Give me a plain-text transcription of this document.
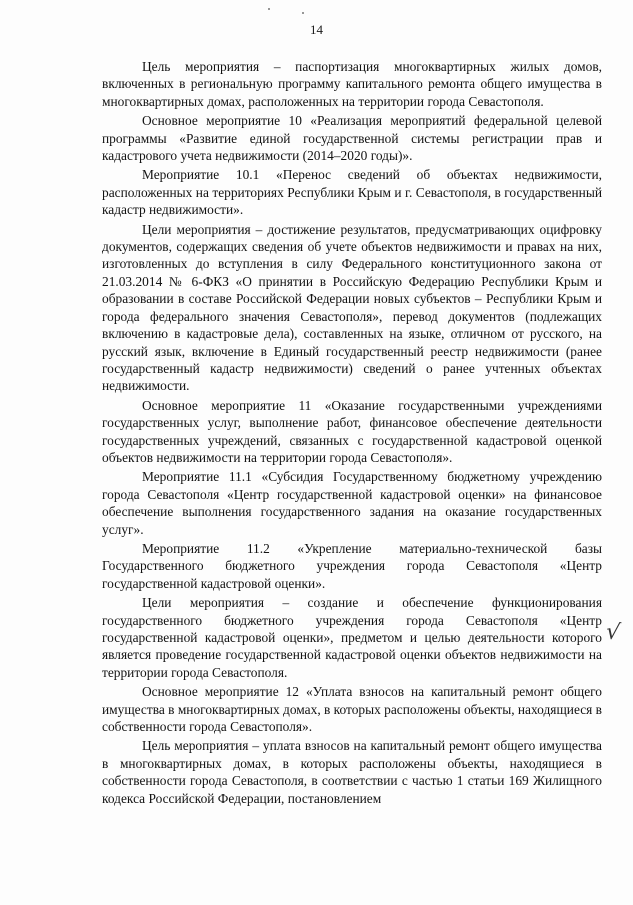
14

Цель мероприятия – паспортизация многоквартирных жилых домов, включенных в региональную программу капитального ремонта общего имущества в многоквартирных домах, расположенных на территории города Севастополя.

Основное мероприятие 10 «Реализация мероприятий федеральной целевой программы «Развитие единой государственной системы регистрации прав и кадастрового учета недвижимости (2014–2020 годы)».

Мероприятие 10.1 «Перенос сведений об объектах недвижимости, расположенных на территориях Республики Крым и г. Севастополя, в государственный кадастр недвижимости».

Цели мероприятия – достижение результатов, предусматривающих оцифровку документов, содержащих сведения об учете объектов недвижимости и правах на них, изготовленных до вступления в силу Федерального конституционного закона от 21.03.2014 № 6-ФКЗ «О принятии в Российскую Федерацию Республики Крым и образовании в составе Российской Федерации новых субъектов – Республики Крым и города федерального значения Севастополя», перевод документов (подлежащих включению в кадастровые дела), составленных на языке, отличном от русского, на русский язык, включение в Единый государственный реестр недвижимости (ранее государственный кадастр недвижимости) сведений о ранее учтенных объектах недвижимости.

Основное мероприятие 11 «Оказание государственными учреждениями государственных услуг, выполнение работ, финансовое обеспечение деятельности государственных учреждений, связанных с государственной кадастровой оценкой объектов недвижимости на территории города Севастополя».

Мероприятие 11.1 «Субсидия Государственному бюджетному учреждению города Севастополя «Центр государственной кадастровой оценки» на финансовое обеспечение выполнения государственного задания на оказание государственных услуг».

Мероприятие 11.2 «Укрепление материально-технической базы Государственного бюджетного учреждения города Севастополя «Центр государственной кадастровой оценки».

Цели мероприятия – создание и обеспечение функционирования государственного бюджетного учреждения города Севастополя «Центр государственной кадастровой оценки», предметом и целью деятельности которого является проведение государственной кадастровой оценки объектов недвижимости на территории города Севастополя.

Основное мероприятие 12 «Уплата взносов на капитальный ремонт общего имущества в многоквартирных домах, в которых расположены объекты, находящиеся в собственности города Севастополя».

Цель мероприятия – уплата взносов на капитальный ремонт общего имущества в многоквартирных домах, в которых расположены объекты, находящиеся в собственности города Севастополя, в соответствии с частью 1 статьи 169 Жилищного кодекса Российской Федерации, постановлением

√
